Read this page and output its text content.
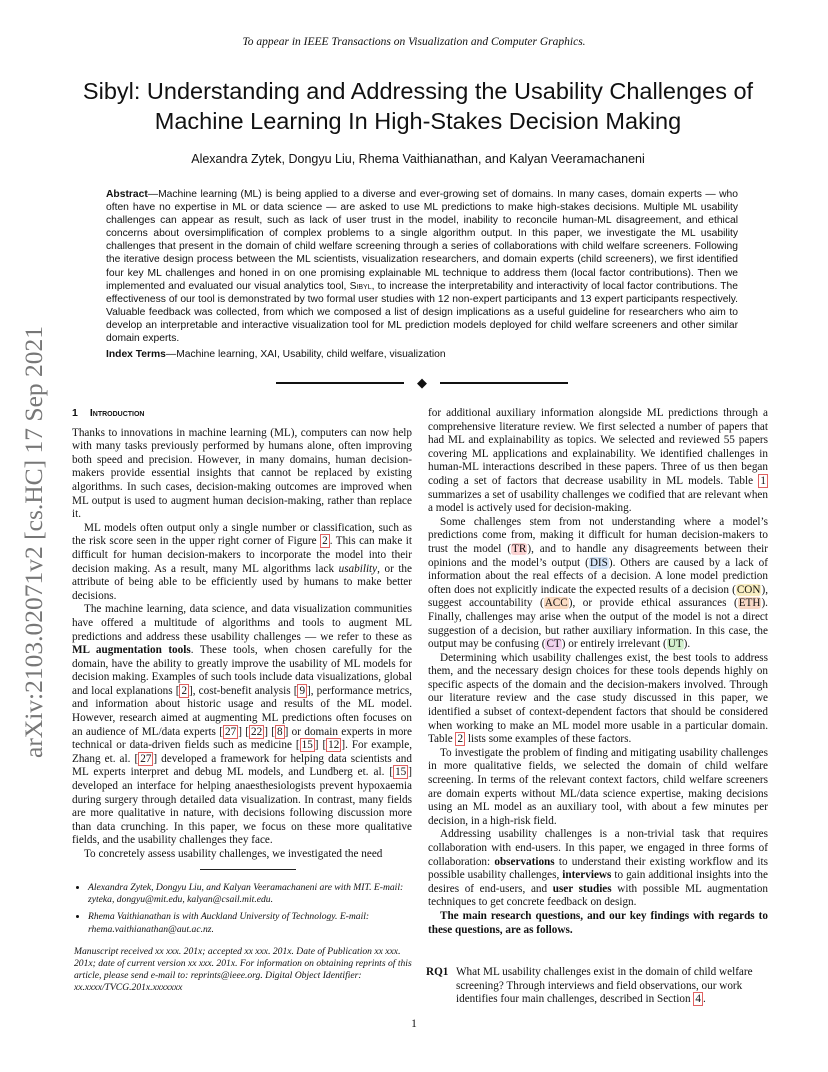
To appear in IEEE Transactions on Visualization and Computer Graphics.
Sibyl: Understanding and Addressing the Usability Challenges of Machine Learning In High-Stakes Decision Making
Alexandra Zytek, Dongyu Liu, Rhema Vaithianathan, and Kalyan Veeramachaneni
Abstract—Machine learning (ML) is being applied to a diverse and ever-growing set of domains. In many cases, domain experts — who often have no expertise in ML or data science — are asked to use ML predictions to make high-stakes decisions. Multiple ML usability challenges can appear as result, such as lack of user trust in the model, inability to reconcile human-ML disagreement, and ethical concerns about oversimplification of complex problems to a single algorithm output. In this paper, we investigate the ML usability challenges that present in the domain of child welfare screening through a series of collaborations with child welfare screeners. Following the iterative design process between the ML scientists, visualization researchers, and domain experts (child screeners), we first identified four key ML challenges and honed in on one promising explainable ML technique to address them (local factor contributions). Then we implemented and evaluated our visual analytics tool, Sibyl, to increase the interpretability and interactivity of local factor contributions. The effectiveness of our tool is demonstrated by two formal user studies with 12 non-expert participants and 13 expert participants respectively. Valuable feedback was collected, from which we composed a list of design implications as a useful guideline for researchers who aim to develop an interpretable and interactive visualization tool for ML prediction models deployed for child welfare screeners and other similar domain experts.
Index Terms—Machine learning, XAI, Usability, child welfare, visualization
◆
arXiv:2103.02071v2 [cs.HC] 17 Sep 2021	1 Introduction

Thanks to innovations in machine learning (ML), computers can now help with many tasks previously performed by humans alone, often improving both speed and precision. However, in many domains, human decision-makers provide essential insights that cannot be replaced by existing algorithms. In such cases, decision-making outcomes are improved when ML output is used to augment human decision-making, rather than replace it.

ML models often output only a single number or classification, such as the risk score seen in the upper right corner of Figure 2 . This can make it difficult for human decision-makers to incorporate the model into their decision making. As a result, many ML algorithms lack usability, or the attribute of being able to be efficiently used by humans to make better decisions.

The machine learning, data science, and data visualization communities have offered a multitude of algorithms and tools to augment ML predictions and address these usability challenges — we refer to these as ML augmentation tools. These tools, when chosen carefully for the domain, have the ability to greatly improve the usability of ML models for decision making. Examples of such tools include data visualizations, global and local explanations [ 2 ], cost-benefit analysis [ 9 ], performance metrics, and information about historic usage and results of the ML model. However, research aimed at augmenting ML predictions often focuses on an audience of ML/data experts [ 27 ] [ 22 ] [ 8 ] or domain experts in more technical or data-driven fields such as medicine [ 15 ] [ 12 ]. For example, Zhang et. al. [ 27 ] developed a framework for helping data scientists and ML experts interpret and debug ML models, and Lundberg et. al. [ 15 ] developed an interface for helping anaesthesiologists prevent hypoxaemia during surgery through detailed data visualization. In contrast, many fields are more qualitative in nature, with decisions following discussion more than data crunching. In this paper, we focus on these more qualitative fields, and the usability challenges they face.

To concretely assess usability challenges, we investigated the need

• Alexandra Zytek, Dongyu Liu, and Kalyan Veeramachaneni are with MIT. E-mail: zyteka, dongyu@mit.edu, kalyan@csail.mit.edu.
• Rhema Vaithianathan is with Auckland University of Technology. E-mail: rhema.vaithianathan@aut.ac.nz.
Manuscript received xx xxx. 201x; accepted xx xxx. 201x. Date of Publication xx xxx. 201x; date of current version xx xxx. 201x. For information on obtaining reprints of this article, please send e-mail to: reprints@ieee.org. Digital Object Identifier: xx.xxxx/TVCG.201x.xxxxxxx

for additional auxiliary information alongside ML predictions through a comprehensive literature review. We first selected a number of papers that had ML and explainability as topics. We selected and reviewed 55 papers covering ML applications and explainability. We identified challenges in human-ML interactions described in these papers. Three of us then began coding a set of factors that decrease usability in ML models. Table 1 summarizes a set of usability challenges we codified that are relevant when a model is actively used for decision-making.

Some challenges stem from not understanding where a model’s predictions come from, making it difficult for human decision-makers to trust the model (TR), and to handle any disagreements between their opinions and the model’s output (DIS). Others are caused by a lack of information about the real effects of a decision. A lone model prediction often does not explicitly indicate the expected results of a decision (CON), suggest accountability (ACC), or provide ethical assurances (ETH). Finally, challenges may arise when the output of the model is not a direct suggestion of a decision, but rather auxiliary information. In this case, the output may be confusing (CT) or entirely irrelevant (UT).

Determining which usability challenges exist, the best tools to address them, and the necessary design choices for these tools depends highly on specific aspects of the domain and the decision-makers involved. Through our literature review and the case study discussed in this paper, we identified a subset of context-dependent factors that should be considered when working to make an ML model more usable in a particular domain. Table 2 lists some examples of these factors.

To investigate the problem of finding and mitigating usability challenges in more qualitative fields, we selected the domain of child welfare screening. In terms of the relevant context factors, child welfare screeners are domain experts without ML/data science expertise, making decisions using an ML model as an auxiliary tool, with about a few minutes per decision, in a high-risk field.

Addressing usability challenges is a non-trivial task that requires collaboration with end-users. In this paper, we engaged in three forms of collaboration: observations to understand their existing workflow and its possible usability challenges, interviews to gain additional insights into the desires of end-users, and user studies with possible ML augmentation techniques to get concrete feedback on design.

The main research questions, and our key findings with regards to these questions, are as follows.

RQ1 What ML usability challenges exist in the domain of child welfare screening? Through interviews and field observations, our work identifies four main challenges, described in Section 4 .
1
